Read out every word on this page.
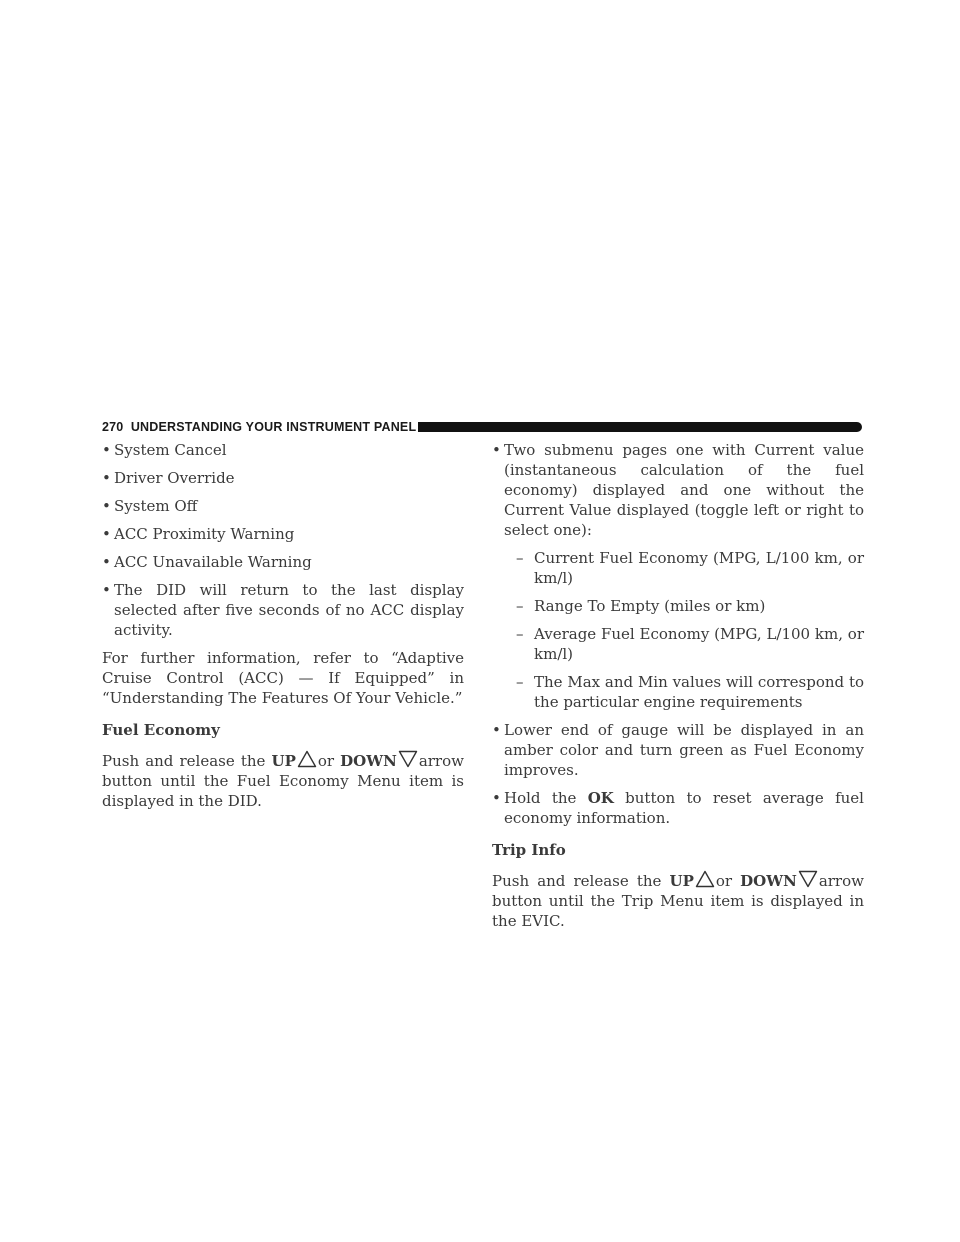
270 UNDERSTANDING YOUR INSTRUMENT PANEL
• System Cancel
• Driver Override
• System Off
• ACC Proximity Warning
• ACC Unavailable Warning
• The DID will return to the last display selected after five seconds of no ACC display activity.
For further information, refer to “Adaptive Cruise Control (ACC) — If Equipped” in “Understanding The Features Of Your Vehicle.”
Fuel Economy
Push and release the UP or DOWN arrow button until the Fuel Economy Menu item is displayed in the DID.
• Two submenu pages one with Current value (instantaneous calculation of the fuel economy) displayed and one without the Current Value displayed (toggle left or right to select one):
– Current Fuel Economy (MPG, L/100 km, or km/l)
– Range To Empty (miles or km)
– Average Fuel Economy (MPG, L/100 km, or km/l)
– The Max and Min values will correspond to the particular engine requirements
• Lower end of gauge will be displayed in an amber color and turn green as Fuel Economy improves.
• Hold the OK button to reset average fuel economy information.
Trip Info
Push and release the UP or DOWN arrow button until the Trip Menu item is displayed in the EVIC.
